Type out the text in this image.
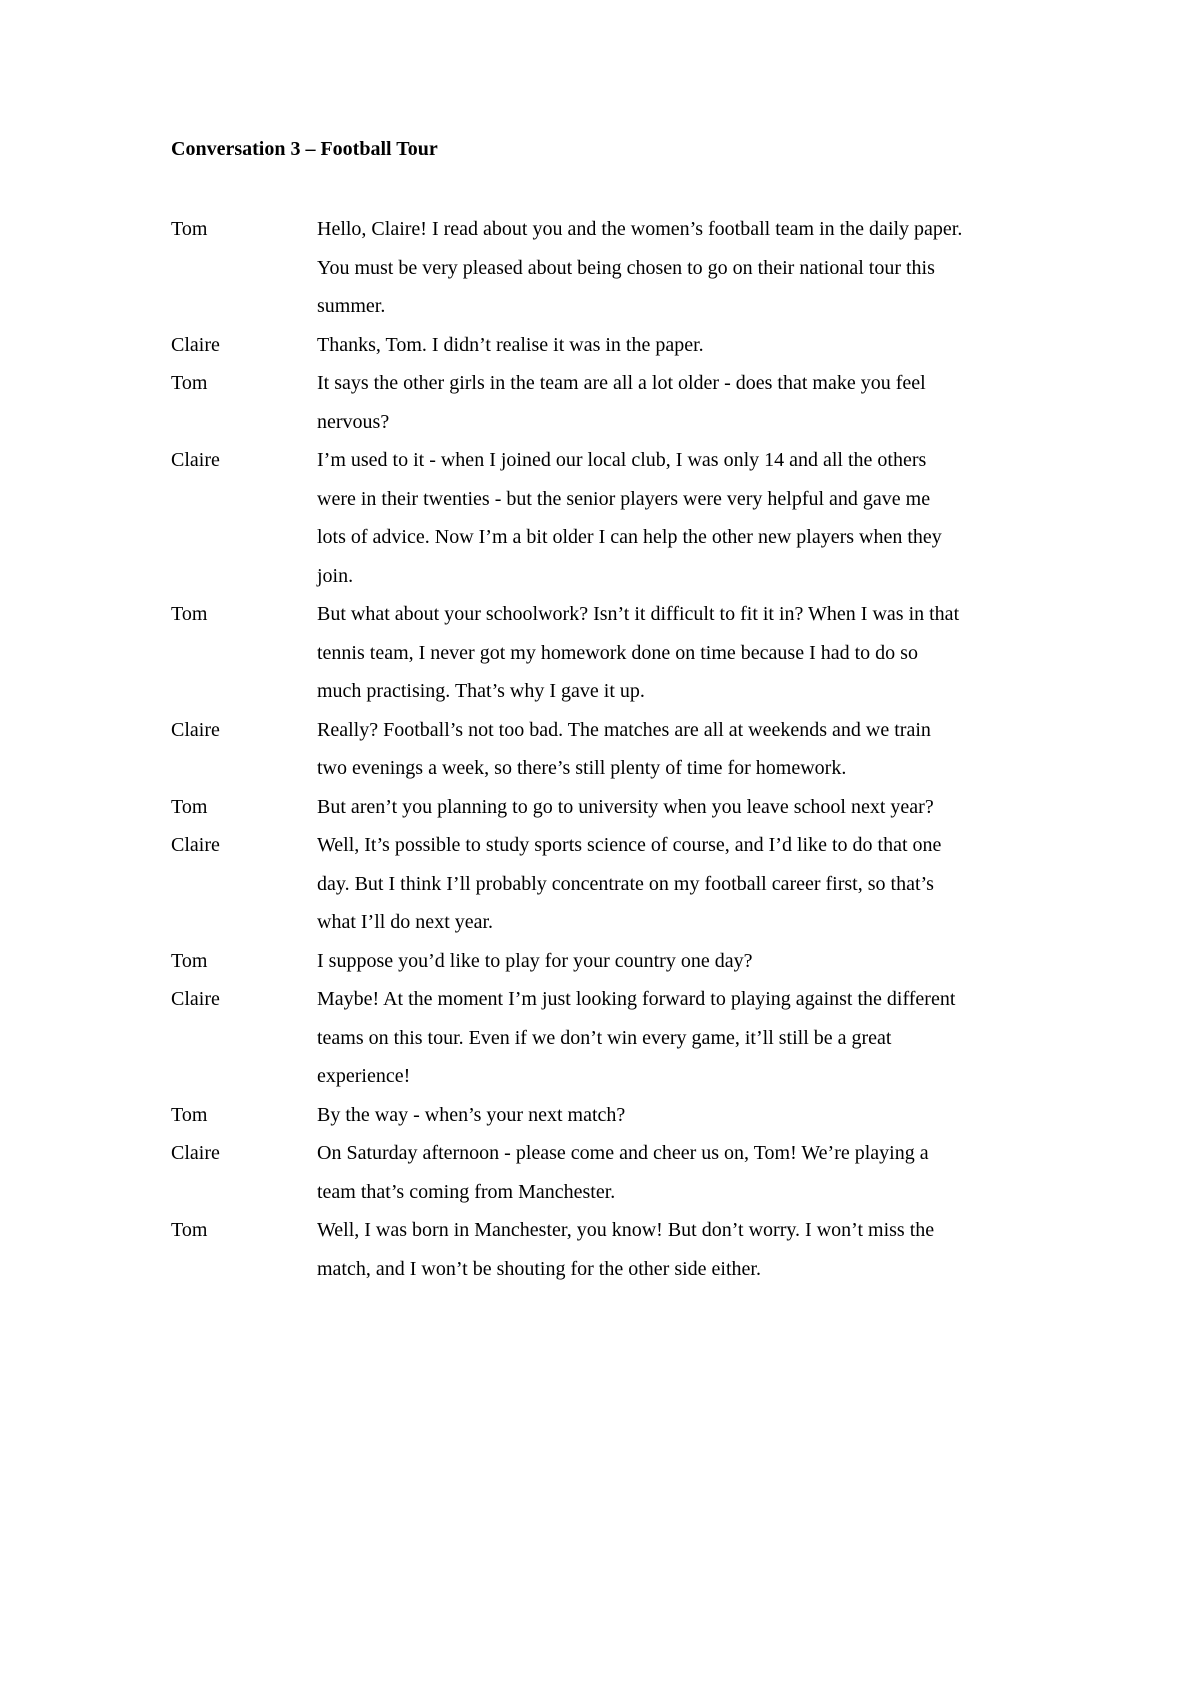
Conversation 3 – Football Tour
Tom	Hello, Claire! I read about you and the women’s football team in the daily paper.
You must be very pleased about being chosen to go on their national tour this
summer.
Claire	Thanks, Tom. I didn’t realise it was in the paper.
Tom	It says the other girls in the team are all a lot older - does that make you feel
nervous?
Claire	I’m used to it - when I joined our local club, I was only 14 and all the others
were in their twenties - but the senior players were very helpful and gave me
lots of advice. Now I’m a bit older I can help the other new players when they
join.
Tom	But what about your schoolwork? Isn’t it difficult to fit it in? When I was in that
tennis team, I never got my homework done on time because I had to do so
much practising. That’s why I gave it up.
Claire	Really? Football’s not too bad. The matches are all at weekends and we train
two evenings a week, so there’s still plenty of time for homework.
Tom	But aren’t you planning to go to university when you leave school next year?
Claire	Well, It’s possible to study sports science of course, and I’d like to do that one
day. But I think I’ll probably concentrate on my football career first, so that’s
what I’ll do next year.
Tom	I suppose you’d like to play for your country one day?
Claire	Maybe! At the moment I’m just looking forward to playing against the different
teams on this tour. Even if we don’t win every game, it’ll still be a great
experience!
Tom	By the way - when’s your next match?
Claire	On Saturday afternoon - please come and cheer us on, Tom! We’re playing a
team that’s coming from Manchester.
Tom	Well, I was born in Manchester, you know! But don’t worry. I won’t miss the
match, and I won’t be shouting for the other side either.
